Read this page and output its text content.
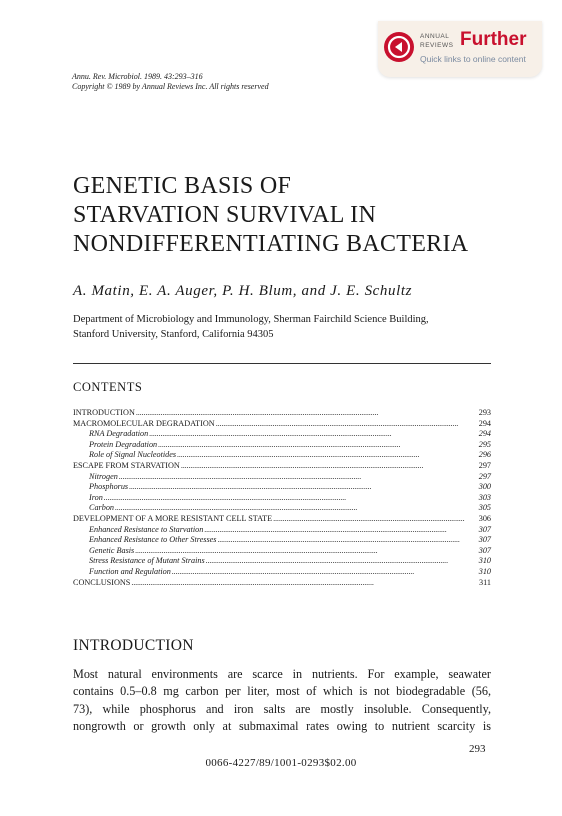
ANNUAL
REVIEWS Further
Quick links to online content
Annu. Rev. Microbiol. 1989. 43:293–316
Copyright © 1989 by Annual Reviews Inc. All rights reserved
GENETIC BASIS OF
STARVATION SURVIVAL IN
NONDIFFERENTIATING BACTERIA
A. Matin, E. A. Auger, P. H. Blum, and J. E. Schultz
Department of Microbiology and Immunology, Sherman Fairchild Science Building,
Stanford University, Stanford, California 94305
CONTENTS
INTRODUCTION . . .	293
MACROMOLECULAR DEGRADATION . . .	294
RNA Degradation . . .	294
Protein Degradation . . .	295
Role of Signal Nucleotides . . .	296
ESCAPE FROM STARVATION . . .	297
Nitrogen . . .	297
Phosphorus . . .	300
Iron . . .	303
Carbon . . .	305
DEVELOPMENT OF A MORE RESISTANT CELL STATE . . .	306
Enhanced Resistance to Starvation . . .	307
Enhanced Resistance to Other Stresses . . .	307
Genetic Basis . . .	307
Stress Resistance of Mutant Strains . . .	310
Function and Regulation . . .	310
CONCLUSIONS . . .	311
INTRODUCTION
Most natural environments are scarce in nutrients. For example, seawater
contains 0.5–0.8 mg carbon per liter, most of which is not biodegradable (56,
73), while phosphorus and iron salts are mostly insoluble. Consequently,
nongrowth or growth only at submaximal rates owing to nutrient scarcity is
293
0066-4227/89/1001-0293$02.00
